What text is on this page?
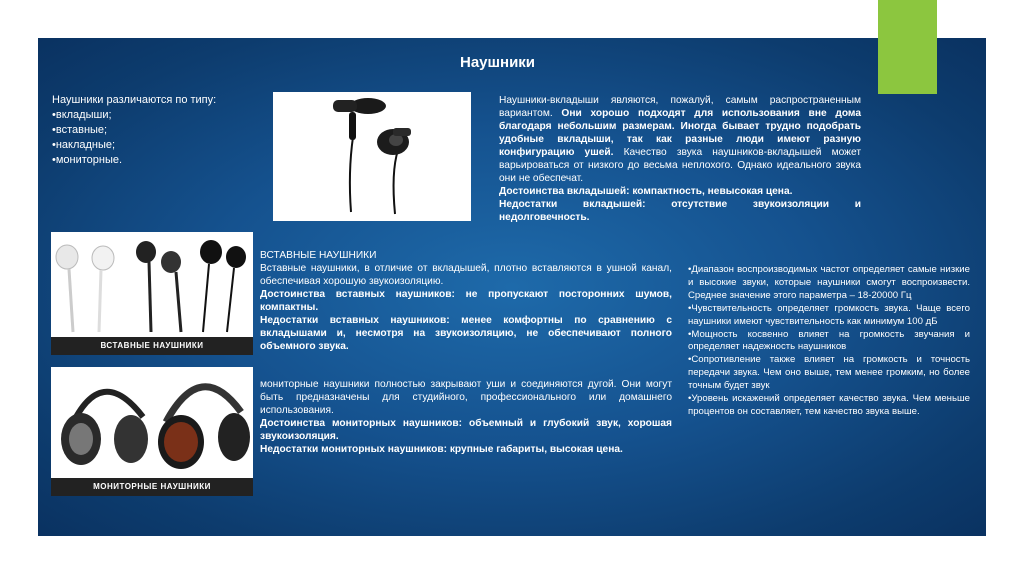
Наушники
Наушники различаются по типу:
•вкладыши;
•вставные;
•накладные;
•мониторные.
Наушники-вкладыши являются, пожалуй, самым распространенным вариантом. Они хорошо подходят для использования вне дома благодаря небольшим размерам. Иногда бывает трудно подобрать удобные вкладыши, так как разные люди имеют разную конфигурацию ушей. Качество звука наушников-вкладышей может варьироваться от низкого до весьма неплохого. Однако идеального звука они не обеспечат.
Достоинства вкладышей: компактность, невысокая цена.
Недостатки вкладышей: отсутствие звукоизоляции и недолговечность.
ВСТАВНЫЕ НАУШНИКИ
ВСТАВНЫЕ НАУШНИКИ
Вставные наушники, в отличие от вкладышей, плотно вставляются в ушной канал, обеспечивая хорошую звукоизоляцию.
Достоинства вставных наушников: не пропускают посторонних шумов, компактны.
Недостатки вставных наушников: менее комфортны по сравнению с вкладышами и, несмотря на звукоизоляцию, не обеспечивают полного объемного звука.
МОНИТОРНЫЕ НАУШНИКИ
мониторные наушники полностью закрывают уши и соединяются дугой. Они могут быть предназначены для студийного, профессионального или домашнего использования.
Достоинства мониторных наушников: объемный и глубокий звук, хорошая звукоизоляция.
Недостатки мониторных наушников: крупные габариты, высокая цена.

•Диапазон воспроизводимых частот определяет самые низкие и высокие звуки, которые наушники смогут воспроизвести. Среднее значение этого параметра – 18-20000 Гц

•Чувствительность определяет громкость звука. Чаще всего наушники имеют чувствительность как минимум 100 дБ

•Мощность косвенно влияет на громкость звучания и определяет надежность наушников

•Сопротивление также влияет на громкость и точность передачи звука. Чем оно выше, тем менее громким, но более точным будет звук

•Уровень искажений определяет качество звука. Чем меньше процентов он составляет, тем качество звука выше.
